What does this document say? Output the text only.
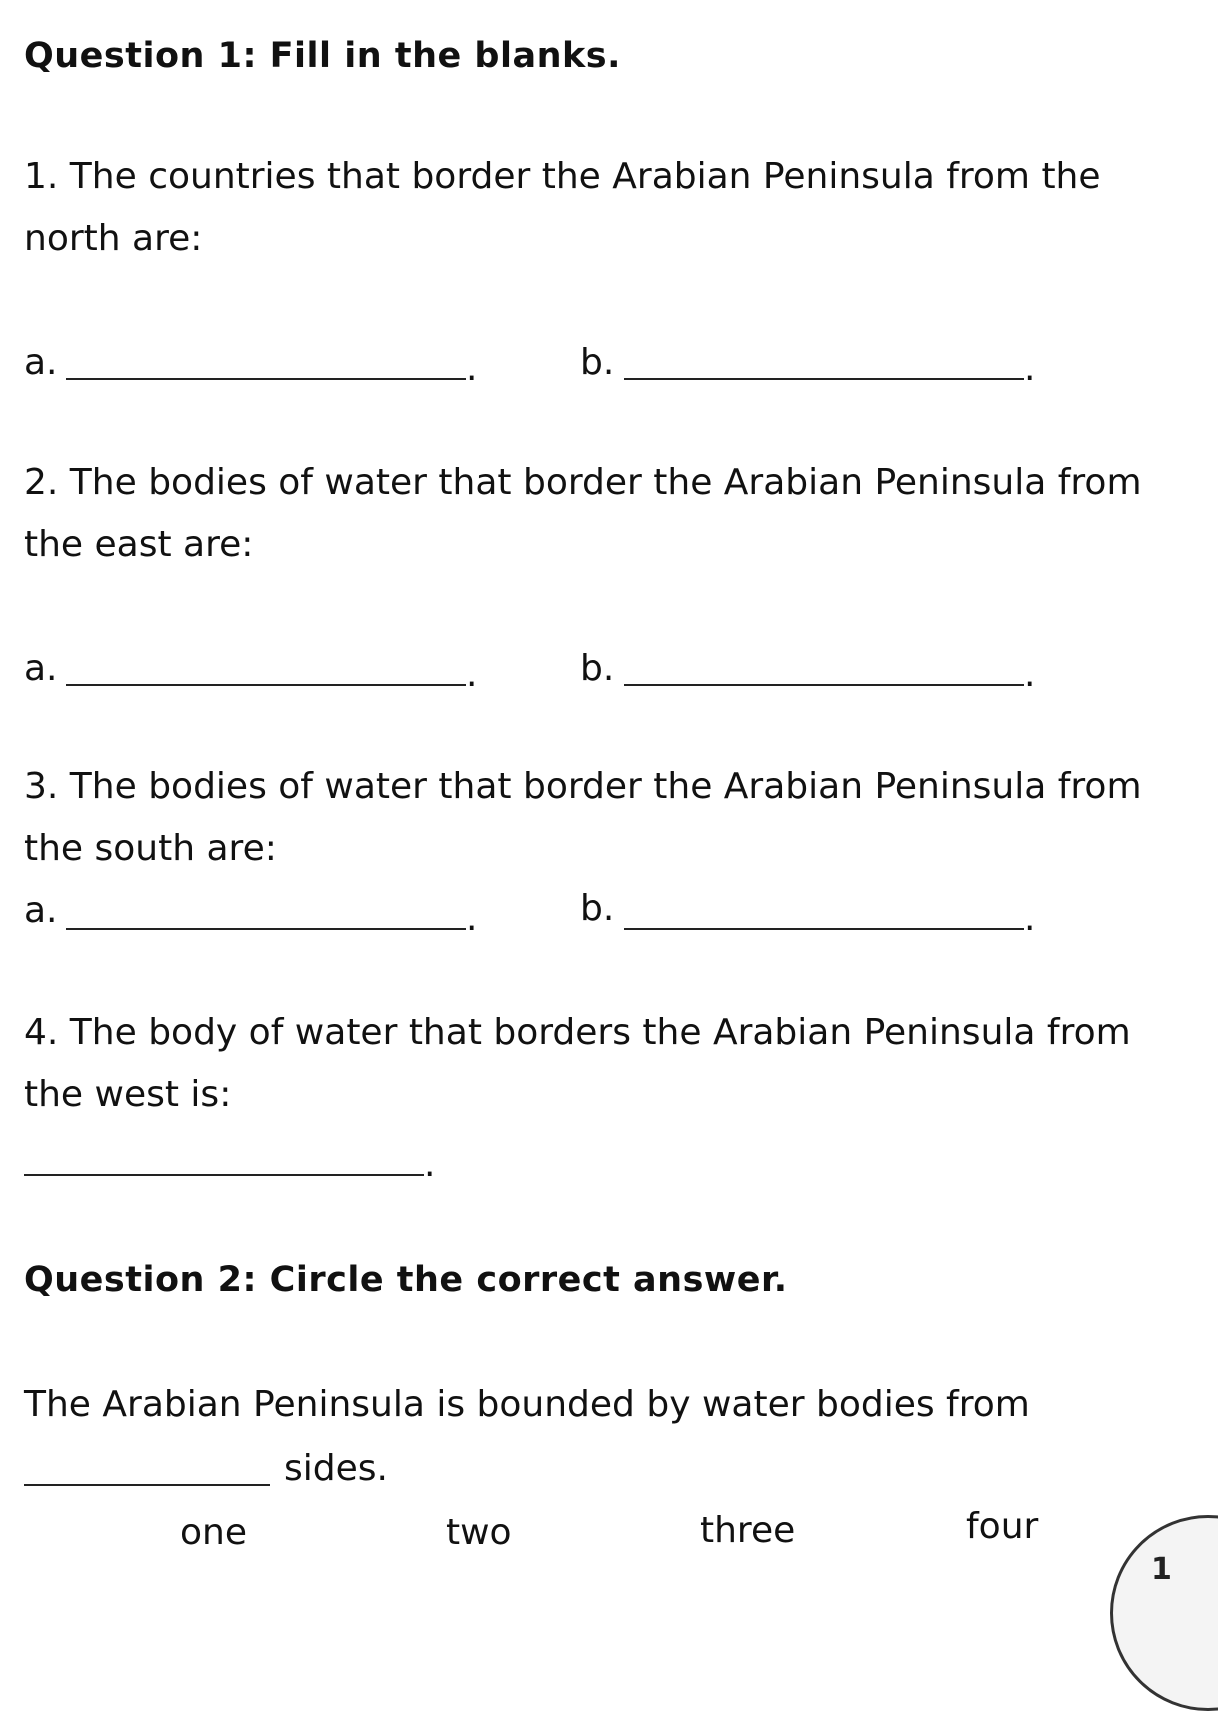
Question 1: Fill in the blanks.
1. The countries that border the Arabian Peninsula from the
north are:
a.	.	b.	.
2. The bodies of water that border the Arabian Peninsula from
the east are:
a.	.	b.	.
3. The bodies of water that border the Arabian Peninsula from
the south are:
a.	.	b.	.
4. The body of water that borders the Arabian Peninsula from
the west is:
.
Question 2: Circle the correct answer.
The Arabian Peninsula is bounded by water bodies from
sides.
one	two	three	four
1
